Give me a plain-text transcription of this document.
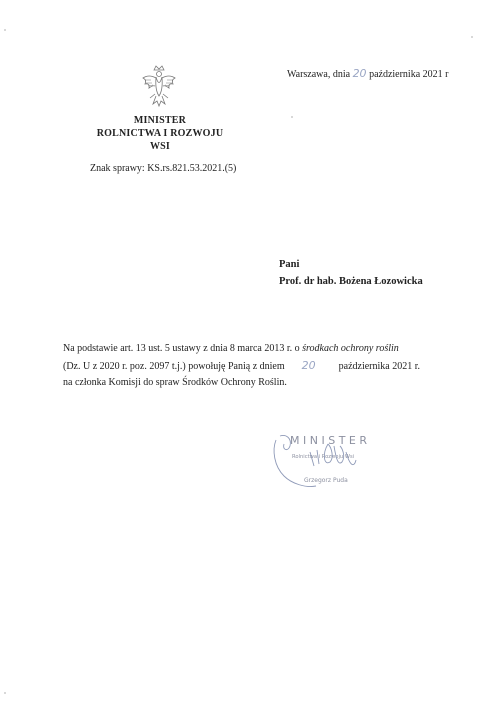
MINISTER
ROLNICTWA I ROZWOJU WSI
Warszawa, dnia 20 października 2021 r
Znak sprawy: KS.rs.821.53.2021.(5)
Pani
Prof. dr hab. Bożena Łozowicka

Na podstawie art. 13 ust. 5 ustawy z dnia 8 marca 2013 r. o środkach ochrony roślin

(Dz. U z 2020 r. poz. 2097 t.j.) powołuję Panią z dniem 20 października 2021 r.

na członka Komisji do spraw Środków Ochrony Roślin.

MINISTER
Rolnictwa i Rozwoju Wsi
Grzegorz Puda
